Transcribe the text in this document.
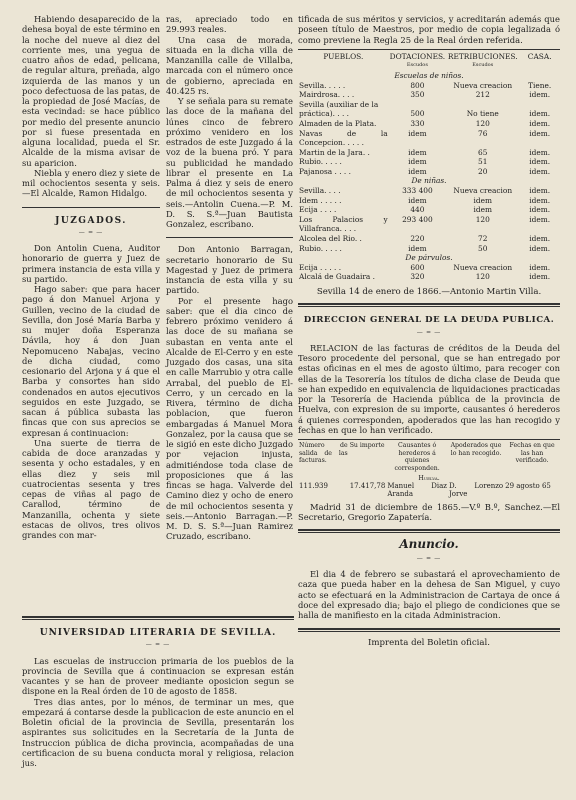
Habiendo desaparecido de la dehesa boyal de este término en la noche del nueve al diez del corriente mes, una yegua de cuatro años de edad, pelicana, de regular altura, preñada, algo izquierda de las manos y un poco defectuosa de las patas, de la propiedad de José Macías, de esta vecindad: se hace público por medio del presente anuncio por si fuese presentada en alguna localidad, pueda el Sr. Alcalde de la misma avisar de su aparicion.

Niebla y enero diez y siete de mil ochocientos sesenta y seis.—El Alcalde, Ramon Hidalgo.

JUZGADOS.
— ═ —

Don Antolin Cuena, Auditor honorario de guerra y Juez de primera instancia de esta villa y su partido.

Hago saber: que para hacer pago á don Manuel Arjona y Guillen, vecino de la ciudad de Sevilla, don José María Barba y su mujer doña Esperanza Dávila, hoy á don Juan Nepomuceno Nabajas, vecino de dicha ciudad, como cesionario del Arjona y á que el Barba y consortes han sido condenados en autos ejecutivos seguidos en este Juzgado, se sacan á pública subasta las fincas que con sus aprecios se expresan á continuacion:

Una suerte de tierra de cabida de doce aranzadas y sesenta y ocho estadales, y en ellas diez y seis mil cuatrocientas sesenta y tres cepas de viñas al pago de Carallod, término de Manzanilla, ochenta y siete estacas de olivos, tres olivos grandes con mar-

ras, apreciado todo en 29.993 reales.

Una casa de morada, situada en la dicha villa de Manzanilla calle de Villalba, marcada con el número once de gobierno, apreciada en 40.425 rs.

Y se señala para su remate las doce de la mañana del lúnes cinco de febrero próximo venidero en los estrados de este Juzgado á la voz de la buena pró. Y para su publicidad he mandado librar el presente en La Palma á diez y seis de enero de mil ochocientos sesenta y seis.—Antolin Cuena.—P. M. D. S. S.ª—Juan Bautista Gonzalez, escribano.

Don Antonio Barragan, secretario honorario de Su Magestad y Juez de primera instancia de esta villa y su partido.

Por el presente hago saber: que el dia cinco de febrero próximo venidero á las doce de su mañana se subastan en venta ante el Alcalde de El-Cerro y en este Juzgado dos casas, una sita en calle Marrubio y otra calle Arrabal, del pueblo de El-Cerro, y un cercado en la Rivera, término de dicha poblacion, que fueron embargadas á Manuel Mora Gonzalez, por la causa que se le sigió en este dicho Juzgado por vejacion injusta, admitiéndose toda clase de proposiciones que á las fincas se haga. Valverde del Camino diez y ocho de enero de mil ochocientos sesenta y seis.—Antonio Barragan.—P. M. D. S. S.ª—Juan Ramirez Cruzado, escribano.

tificada de sus méritos y servicios, y acreditarán además que poseen título de Maestros, por medio de copia legalizada ó como previene la Regla 25 de la Real órden referida.

PUEBLOS.	DOTACIONES.	RETRIBUCIONES.	CASA.
	Escudos	Escudos	
Escuelas de niños.			
Sevilla. . . . .	800	Nueva creacion	Tiene.
Mairdrosa. . . .	350	212	idem.
Sevilla (auxiliar de la			
práctica). . . .	500	No tiene	idem.
Almaden de la Plata.	330	120	idem.
Navas de la Concepcion. . . . .	idem	76	idem.
Martin de la Jara. .	idem	65	idem.
Rubio. . . . .	idem	51	idem.
Pajanosa . . . .	idem	20	idem.
De niñas.			
Sevilla. . . .	333 400	Nueva creacion	idem.
Idem . . . . .	idem	idem	idem.
Ecija . . . .	440	idem	idem.
Los Palacios y Villafranca. . . .	293 400	120	idem.
Alcolea del Rio. .	220	72	idem.
Rubio. . . . .	idem	50	idem.
De párvulos.			
Ecija . . . . .	600	Nueva creacion	idem.
Alcalá de Guadaira .	320	120	idem.

Sevilla 14 de enero de 1866.—Antonio Martin Villa.

DIRECCION GENERAL DE LA DEUDA PUBLICA.
— ═ —

RELACION de las facturas de créditos de la Deuda del Tesoro procedente del personal, que se han entregado por estas oficinas en el mes de agosto último, para recoger con ellas de la Tesorería los títulos de dicha clase de Deuda que se han expedido en equivalencia de liquidaciones practicadas por la Tesorería de Hacienda pública de la provincia de Huelva, con expresion de su importe, causantes ó herederos á quienes corresponden, apoderados que las han recogido y fechas en que lo han verificado.

Número de salida de las facturas.	Su importe	Causantes ó herederos á quienes corresponden.	Apoderados que lo han recogido.	Fechas en que las han verificado.
Huelva.				
111.939	17.417,78	Manuel Diaz Aranda	D. Lorenzo Jorve	29 agosto 65

Madrid 31 de diciembre de 1865.—V.º B.º, Sanchez.—El Secretario, Gregorio Zapatería.

Anuncio.
— ═ —

El dia 4 de febrero se subastará el aprovechamiento de caza que pueda haber en la dehesa de San Miguel, y cuyo acto se efectuará en la Administracion de Cartaya de once á doce del expresado dia; bajo el pliego de condiciones que se halla de manifiesto en la citada Administracion.

Imprenta del Boletin oficial.

UNIVERSIDAD LITERARIA DE SEVILLA.
— ═ —

Las escuelas de instruccion primaria de los pueblos de la provincia de Sevilla que á continuacion se expresan están vacantes y se han de proveer mediante oposicion segun se dispone en la Real órden de 10 de agosto de 1858.

Tres dias antes, por lo ménos, de terminar un mes, que empezará á contarse desde la publicacion de este anuncio en el Boletin oficial de la provincia de Sevilla, presentarán los aspirantes sus solicitudes en la Secretaría de la Junta de Instruccion pública de dicha provincia, acompañadas de una certificacion de su buena conducta moral y religiosa, relacion jus.
